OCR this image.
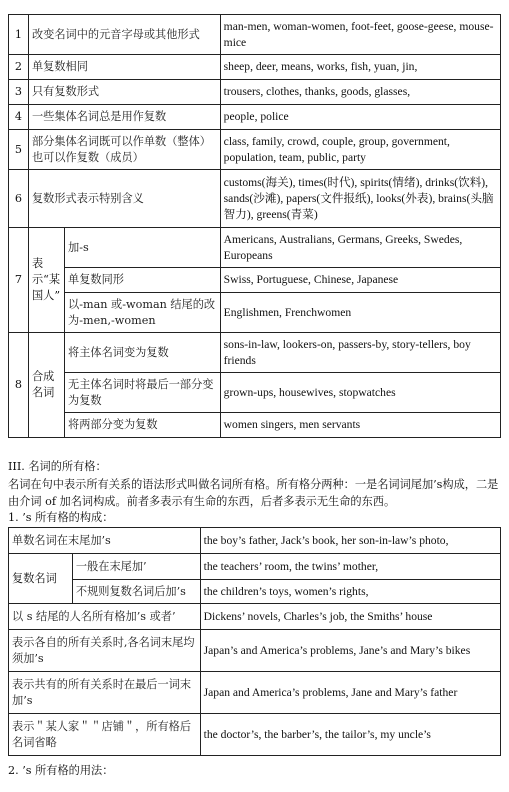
1	改变名词中的元音字母或其他形式		man-men, woman-women, foot-feet, goose-geese, mouse-mice
2	单复数相同		sheep, deer, means, works, fish, yuan, jin,
3	只有复数形式		trousers, clothes, thanks, goods, glasses,
4	一些集体名词总是用作复数		people, police
5	部分集体名词既可以作单数（整体）也可以作复数（成员）		class, family, crowd, couple, group, government, population, team, public, party
6	复数形式表示特别含义		customs(海关), times(时代), spirits(情绪), drinks(饮料), sands(沙滩), papers(文件报纸), looks(外表), brains(头脑智力), greens(青菜)
7	表示“某国人”	加-s	Americans, Australians, Germans, Greeks, Swedes, Europeans
		单复数同形	Swiss, Portuguese, Chinese, Japanese
		以-man 或-woman 结尾的改为-men,-women	Englishmen, Frenchwomen
8	合成名词	将主体名词变为复数	sons-in-law, lookers-on, passers-by, story-tellers, boy friends
		无主体名词时将最后一部分变为复数	grown-ups, housewives, stopwatches
		将两部分变为复数	women singers, men servants
III. 名词的所有格：
名词在句中表示所有关系的语法形式叫做名词所有格。所有格分两种：一是名词词尾加’s构成，二是由介词 of 加名词构成。前者多表示有生命的东西，后者多表示无生命的东西。
1. ’s 所有格的构成：
单数名词在末尾加’s		the boy’s father, Jack’s book, her son-in-law’s photo,
复数名词	一般在末尾加’	the teachers’ room, the twins’ mother,
	不规则复数名词后加’s	the children’s toys, women’s rights,
以 s 结尾的人名所有格加’s 或者’		Dickens’ novels, Charles’s job, the Smiths’ house
表示各自的所有关系时,各名词末尾均须加’s		Japan’s and America’s problems, Jane’s and Mary’s bikes
表示共有的所有关系时在最后一词末加’s		Japan and America’s problems, Jane and Mary’s father
表示＂某人家＂＂店铺＂，所有格后名词省略		the doctor’s, the barber’s, the tailor’s, my uncle’s
2. ’s 所有格的用法：
